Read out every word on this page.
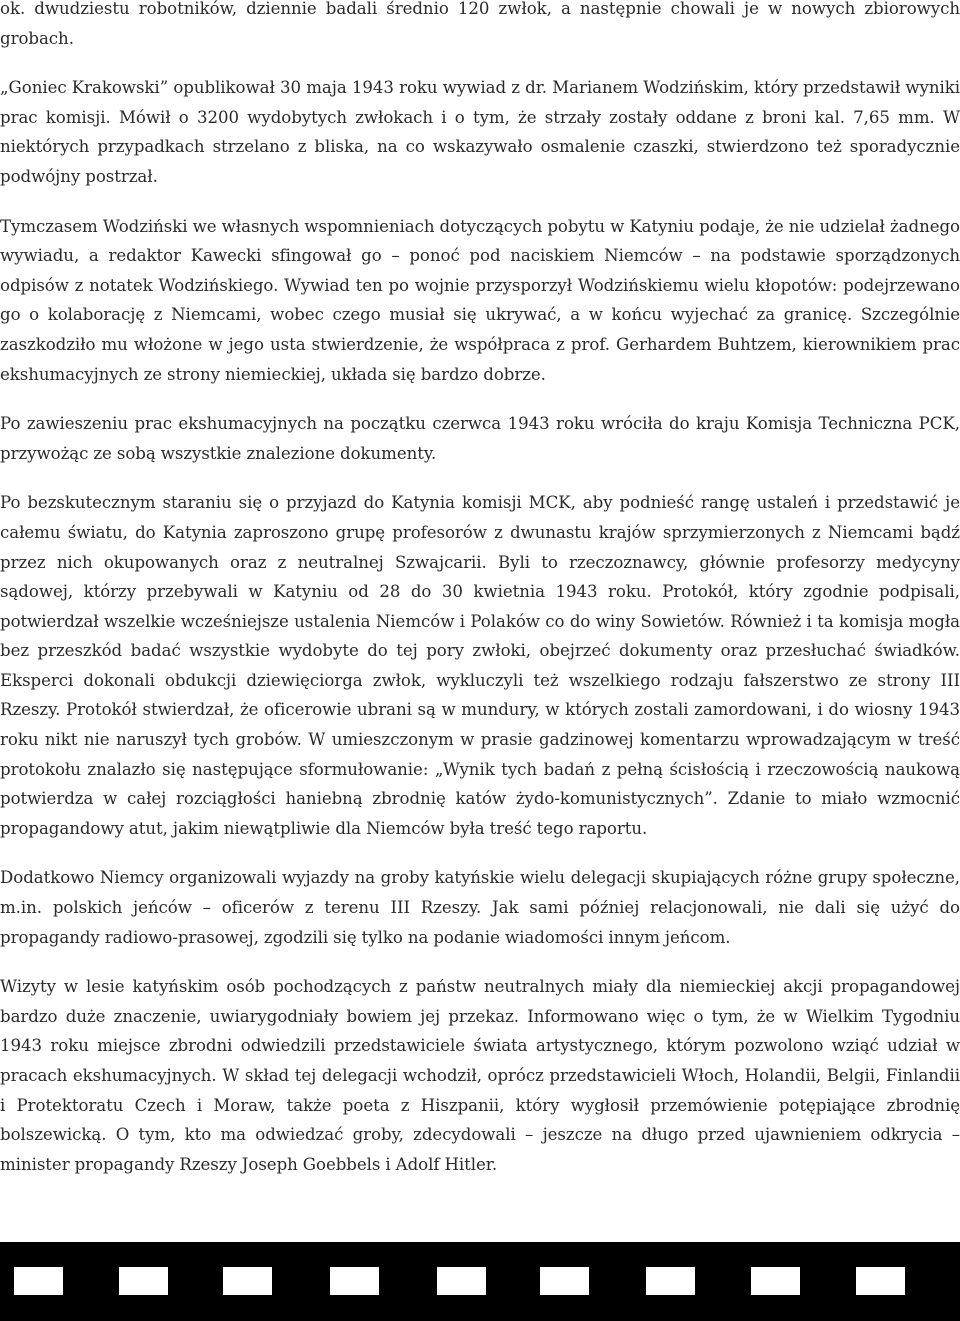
ok. dwudziestu robotników, dziennie badali średnio 120 zwłok, a następnie chowali je w nowych zbiorowych grobach.

„Goniec Krakowski” opublikował 30 maja 1943 roku wywiad z dr. Marianem Wodzińskim, który przedstawił wyniki prac komisji. Mówił o 3200 wydobytych zwłokach i o tym, że strzały zostały oddane z broni kal. 7,65 mm. W niektórych przypadkach strzelano z bliska, na co wskazywało osmalenie czaszki, stwierdzono też sporadycznie podwójny postrzał.

Tymczasem Wodziński we własnych wspomnieniach dotyczących pobytu w Katyniu podaje, że nie udzielał żadnego wywiadu, a redaktor Kawecki sfingował go – ponoć pod naciskiem Niemców – na podstawie sporządzonych odpisów z notatek Wodzińskiego. Wywiad ten po wojnie przysporzył Wodzińskiemu wielu kłopotów: podejrzewano go o kolaborację z Niemcami, wobec czego musiał się ukrywać, a w końcu wyjechać za granicę. Szczególnie zaszkodziło mu włożone w jego usta stwierdzenie, że współpraca z prof. Gerhardem Buhtzem, kierownikiem prac ekshumacyjnych ze strony niemieckiej, układa się bardzo dobrze.

Po zawieszeniu prac ekshumacyjnych na początku czerwca 1943 roku wróciła do kraju Komisja Techniczna PCK, przywożąc ze sobą wszystkie znalezione dokumenty.

Po bezskutecznym staraniu się o przyjazd do Katynia komisji MCK, aby podnieść rangę ustaleń i przedstawić je całemu światu, do Katynia zaproszono grupę profesorów z dwunastu krajów sprzymierzonych z Niemcami bądź przez nich okupowanych oraz z neutralnej Szwajcarii. Byli to rzeczoznawcy, głównie profesorzy medycyny sądowej, którzy przebywali w Katyniu od 28 do 30 kwietnia 1943 roku. Protokół, który zgodnie podpisali, potwierdzał wszelkie wcześniejsze ustalenia Niemców i Polaków co do winy Sowietów. Również i ta komisja mogła bez przeszkód badać wszystkie wydobyte do tej pory zwłoki, obejrzeć dokumenty oraz przesłuchać świadków. Eksperci dokonali obdukcji dziewięciorga zwłok, wykluczyli też wszelkiego rodzaju fałszerstwo ze strony III Rzeszy. Protokół stwierdzał, że oficerowie ubrani są w mundury, w których zostali zamordowani, i do wiosny 1943 roku nikt nie naruszył tych grobów. W umieszczonym w prasie gadzinowej komentarzu wprowadzającym w treść protokołu znalazło się następujące sformułowanie: „Wynik tych badań z pełną ścisłością i rzeczowością naukową potwierdza w całej rozciągłości haniebną zbrodnię katów żydo-komunistycznych”. Zdanie to miało wzmocnić propagandowy atut, jakim niewątpliwie dla Niemców była treść tego raportu.

Dodatkowo Niemcy organizowali wyjazdy na groby katyńskie wielu delegacji skupiających różne grupy społeczne, m.in. polskich jeńców – oficerów z terenu III Rzeszy. Jak sami później relacjonowali, nie dali się użyć do propagandy radiowo-prasowej, zgodzili się tylko na podanie wiadomości innym jeńcom.

Wizyty w lesie katyńskim osób pochodzących z państw neutralnych miały dla niemieckiej akcji propagandowej bardzo duże znaczenie, uwiarygodniały bowiem jej przekaz. Informowano więc o tym, że w Wielkim Tygodniu 1943 roku miejsce zbrodni odwiedzili przedstawiciele świata artystycznego, którym pozwolono wziąć udział w pracach ekshumacyjnych. W skład tej delegacji wchodził, oprócz przedstawicieli Włoch, Holandii, Belgii, Finlandii i Protektoratu Czech i Moraw, także poeta z Hiszpanii, który wygłosił przemówienie potępiające zbrodnię bolszewicką. O tym, kto ma odwiedzać groby, zdecydowali – jeszcze na długo przed ujawnieniem odkrycia – minister propagandy Rzeszy Joseph Goebbels i Adolf Hitler.
